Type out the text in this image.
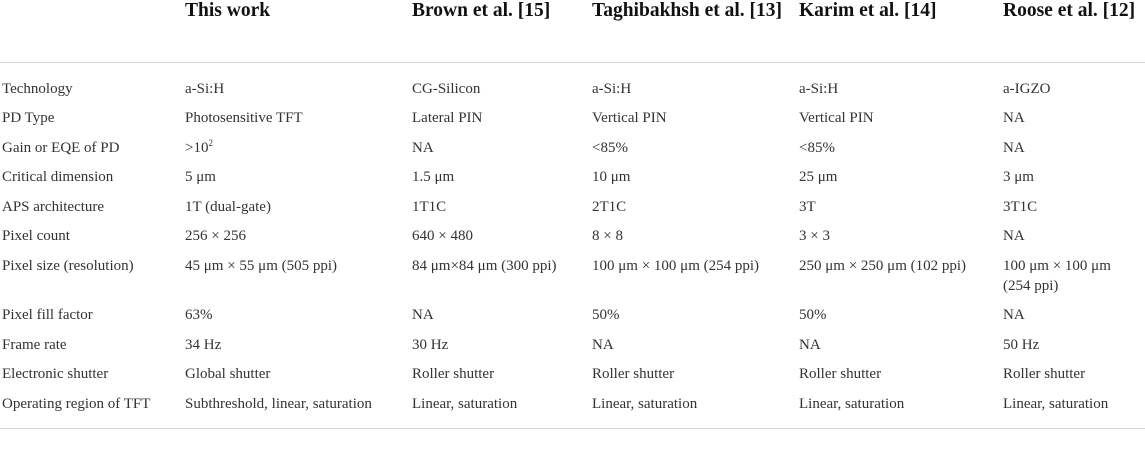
	This work	Brown et al. [15]	Taghibakhsh et al. [13]	Karim et al. [14]	Roose et al. [12]

Technology	a-Si:H	CG-Silicon	a-Si:H	a-Si:H	a-IGZO
PD Type	Photosensitive TFT	Lateral PIN	Vertical PIN	Vertical PIN	NA
Gain or EQE of PD	$>10^2$	NA	<85%	<85%	NA
Critical dimension	5 μm	1.5 μm	10 μm	25 μm	3 μm
APS architecture	1T (dual-gate)	1T1C	2T1C	3T	3T1C
Pixel count	256 × 256	640 × 480	8 × 8	3 × 3	NA
Pixel size (resolution)	45 μm × 55 μm (505 ppi)	84 μm×84 μm (300 ppi)	100 μm × 100 μm (254 ppi)	250 μm × 250 μm (102 ppi)	100 μm × 100 μm (254 ppi)
Pixel fill factor	63%	NA	50%	50%	NA
Frame rate	34 Hz	30 Hz	NA	NA	50 Hz
Electronic shutter	Global shutter	Roller shutter	Roller shutter	Roller shutter	Roller shutter
Operating region of TFT	Subthreshold, linear, saturation	Linear, saturation	Linear, saturation	Linear, saturation	Linear, saturation
